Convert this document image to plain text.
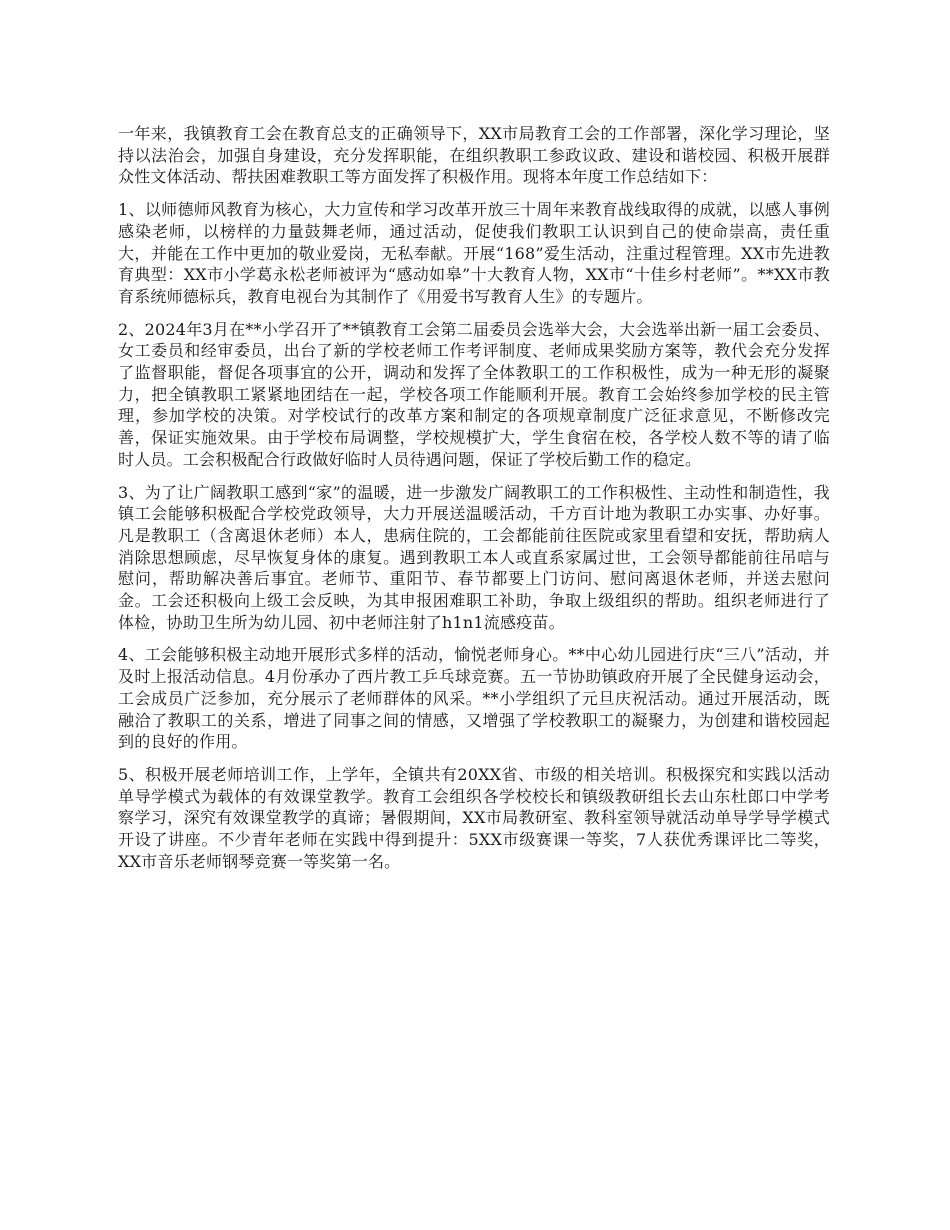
一年来，我镇教育工会在教育总支的正确领导下，XX市局教育工会的工作部署，深化学习理论，坚持以法治会，加强自身建设，充分发挥职能，在组织教职工参政议政、建设和谐校园、积极开展群众性文体活动、帮扶困难教职工等方面发挥了积极作用。现将本年度工作总结如下：

1、以师德师风教育为核心，大力宣传和学习改革开放三十周年来教育战线取得的成就，以感人事例感染老师，以榜样的力量鼓舞老师，通过活动，促使我们教职工认识到自己的使命崇高，责任重大，并能在工作中更加的敬业爱岗，无私奉献。开展“168”爱生活动，注重过程管理。XX市先进教育典型：XX市小学葛永松老师被评为“感动如皋”十大教育人物，XX市“十佳乡村老师”。**XX市教育系统师德标兵，教育电视台为其制作了《用爱书写教育人生》的专题片。

2、2024年3月在**小学召开了**镇教育工会第二届委员会选举大会，大会选举出新一届工会委员、女工委员和经审委员，出台了新的学校老师工作考评制度、老师成果奖励方案等，教代会充分发挥了监督职能，督促各项事宜的公开，调动和发挥了全体教职工的工作积极性，成为一种无形的凝聚力，把全镇教职工紧紧地团结在一起，学校各项工作能顺利开展。教育工会始终参加学校的民主管理，参加学校的决策。对学校试行的改革方案和制定的各项规章制度广泛征求意见，不断修改完善，保证实施效果。由于学校布局调整，学校规模扩大，学生食宿在校，各学校人数不等的请了临时人员。工会积极配合行政做好临时人员待遇问题，保证了学校后勤工作的稳定。

3、为了让广阔教职工感到“家”的温暖，进一步激发广阔教职工的工作积极性、主动性和制造性，我镇工会能够积极配合学校党政领导，大力开展送温暖活动，千方百计地为教职工办实事、办好事。凡是教职工（含离退休老师）本人，患病住院的，工会都能前往医院或家里看望和安抚，帮助病人消除思想顾虑，尽早恢复身体的康复。遇到教职工本人或直系家属过世，工会领导都能前往吊唁与慰问，帮助解决善后事宜。老师节、重阳节、春节都要上门访问、慰问离退休老师，并送去慰问金。工会还积极向上级工会反映，为其申报困难职工补助，争取上级组织的帮助。组织老师进行了体检，协助卫生所为幼儿园、初中老师注射了h1n1流感疫苗。

4、工会能够积极主动地开展形式多样的活动，愉悦老师身心。**中心幼儿园进行庆“三八”活动，并及时上报活动信息。4月份承办了西片教工乒乓球竞赛。五一节协助镇政府开展了全民健身运动会，工会成员广泛参加，充分展示了老师群体的风采。**小学组织了元旦庆祝活动。通过开展活动，既融洽了教职工的关系，增进了同事之间的情感，又增强了学校教职工的凝聚力，为创建和谐校园起到的良好的作用。

5、积极开展老师培训工作，上学年，全镇共有20XX省、市级的相关培训。积极探究和实践以活动单导学模式为载体的有效课堂教学。教育工会组织各学校校长和镇级教研组长去山东杜郎口中学考察学习，深究有效课堂教学的真谛；暑假期间，XX市局教研室、教科室领导就活动单导学导学模式开设了讲座。不少青年老师在实践中得到提升：5XX市级赛课一等奖，7人获优秀课评比二等奖，XX市音乐老师钢琴竞赛一等奖第一名。
